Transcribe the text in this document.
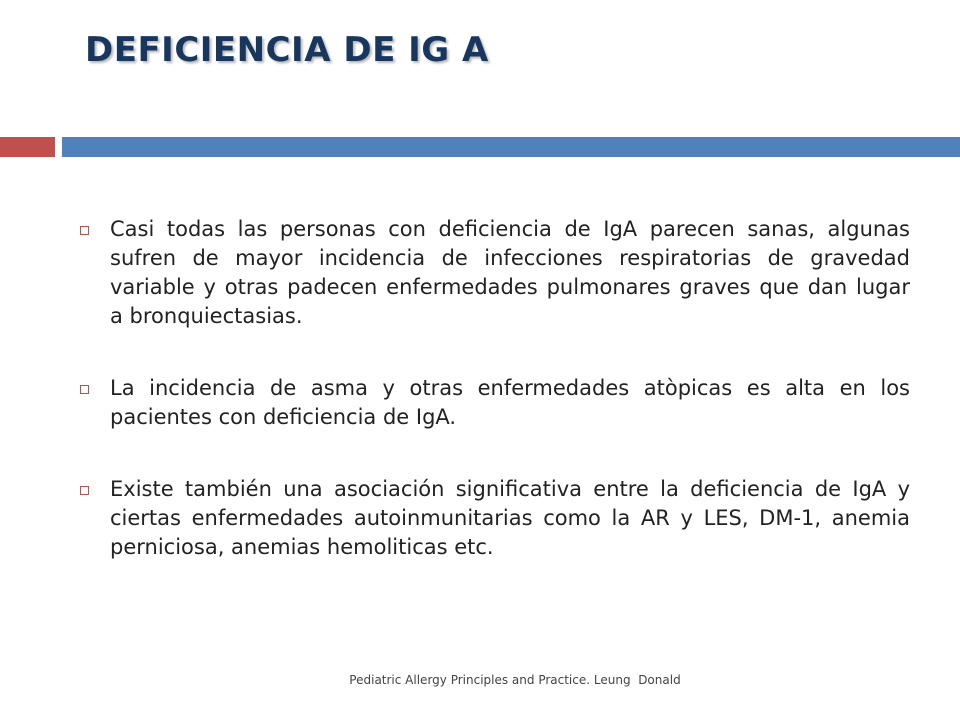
DEFICIENCIA DE IG A
Casi todas las personas con deficiencia de IgA parecen sanas, algunas sufren de mayor incidencia de infecciones respiratorias de gravedad variable y otras padecen enfermedades pulmonares graves que dan lugar a bronquiectasias.
La incidencia de asma y otras enfermedades atòpicas es alta en los pacientes con deficiencia de IgA.
Existe también una asociación significativa entre la deficiencia de IgA y ciertas enfermedades autoinmunitarias como la AR y LES, DM-1, anemia perniciosa, anemias hemoliticas etc.
Pediatric Allergy Principles and Practice. Leung  Donald
